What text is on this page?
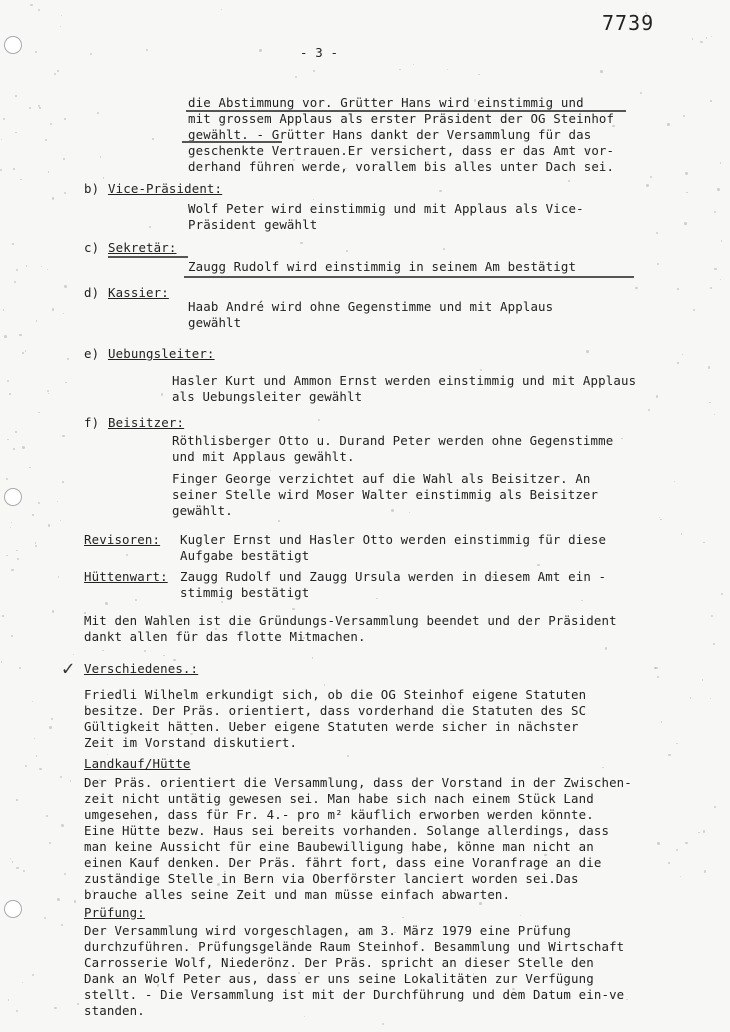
7739
- 3 -
die Abstimmung vor. Grütter Hans wird einstimmig und
mit grossem Applaus als erster Präsident der OG Steinhof
gewählt. - Grütter Hans dankt der Versammlung für das
geschenkte Vertrauen.Er versichert, dass er das Amt vor-
derhand führen werde, vorallem bis alles unter Dach sei.
b) Vice-Präsident:
Wolf Peter wird einstimmig und mit Applaus als Vice-
Präsident gewählt
c) Sekretär:
Zaugg Rudolf wird einstimmig in seinem Am bestätigt
d) Kassier:
Haab André wird ohne Gegenstimme und mit Applaus
gewählt
e) Uebungsleiter:
Hasler Kurt und Ammon Ernst werden einstimmig und mit Applaus
als Uebungsleiter gewählt
f) Beisitzer:
Röthlisberger Otto u. Durand Peter werden ohne Gegenstimme
und mit Applaus gewählt.
Finger George verzichtet auf die Wahl als Beisitzer. An
seiner Stelle wird Moser Walter einstimmig als Beisitzer
gewählt.
Revisoren: Kugler Ernst und Hasler Otto werden einstimmig für diese
Aufgabe bestätigt
Hüttenwart: Zaugg Rudolf und Zaugg Ursula werden in diesem Amt ein -
stimmig bestätigt
Mit den Wahlen ist die Gründungs-Versammlung beendet und der Präsident
dankt allen für das flotte Mitmachen.
✓ Verschiedenes.:
Friedli Wilhelm erkundigt sich, ob die OG Steinhof eigene Statuten
besitze. Der Präs. orientiert, dass vorderhand die Statuten des SC
Gültigkeit hätten. Ueber eigene Statuten werde sicher in nächster
Zeit im Vorstand diskutiert.
Landkauf/Hütte
Der Präs. orientiert die Versammlung, dass der Vorstand in der Zwischen-
zeit nicht untätig gewesen sei. Man habe sich nach einem Stück Land
umgesehen, dass für Fr. 4.- pro m² käuflich erworben werden könnte.
Eine Hütte bezw. Haus sei bereits vorhanden. Solange allerdings, dass
man keine Aussicht für eine Baubewilligung habe, könne man nicht an
einen Kauf denken. Der Präs. fährt fort, dass eine Voranfrage an die
zuständige Stelle in Bern via Oberförster lanciert worden sei.Das
brauche alles seine Zeit und man müsse einfach abwarten.
Prüfung:
Der Versammlung wird vorgeschlagen, am 3. März 1979 eine Prüfung
durchzuführen. Prüfungsgelände Raum Steinhof. Besammlung und Wirtschaft
Carrosserie Wolf, Niederönz. Der Präs. spricht an dieser Stelle den
Dank an Wolf Peter aus, dass er uns seine Lokalitäten zur Verfügung
stellt. - Die Versammlung ist mit der Durchführung und dem Datum ein-ve
standen.
